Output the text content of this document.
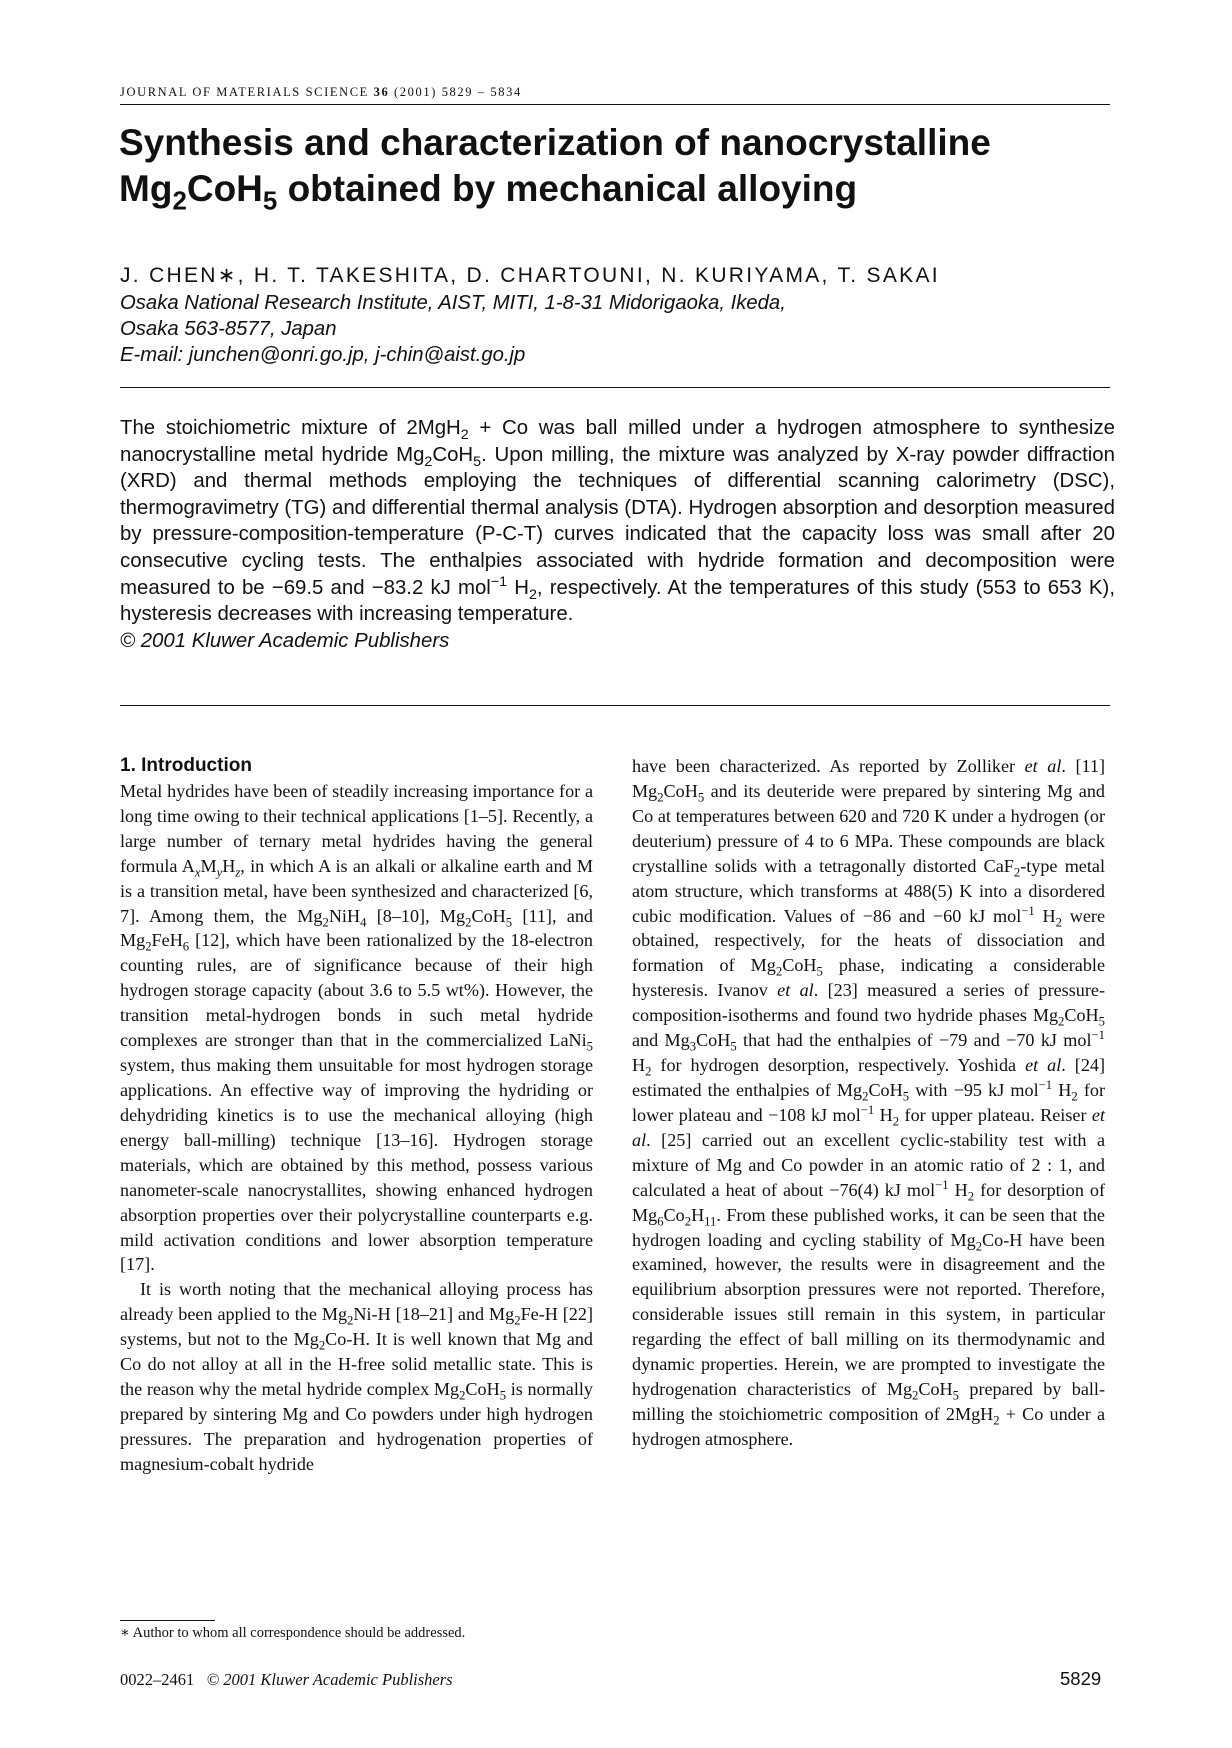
JOURNAL OF MATERIALS SCIENCE 36 (2001) 5829 – 5834
Synthesis and characterization of nanocrystalline
$Mg_2CoH_5$ obtained by mechanical alloying
J. CHEN∗, H. T. TAKESHITA, D. CHARTOUNI, N. KURIYAMA, T. SAKAI
Osaka National Research Institute, AIST, MITI, 1-8-31 Midorigaoka, Ikeda,
Osaka 563-8577, Japan
E-mail: junchen@onri.go.jp, j-chin@aist.go.jp
The stoichiometric mixture of 2MgH$_2$ + Co was ball milled under a hydrogen atmosphere to synthesize nanocrystalline metal hydride $Mg_2CoH_5$. Upon milling, the mixture was analyzed by X-ray powder diffraction (XRD) and thermal methods employing the techniques of differential scanning calorimetry (DSC), thermogravimetry (TG) and differential thermal analysis (DTA). Hydrogen absorption and desorption measured by pressure-composition-temperature (P-C-T) curves indicated that the capacity loss was small after 20 consecutive cycling tests. The enthalpies associated with hydride formation and decomposition were measured to be −69.5 and −83.2 kJ mol$^{-1}$ $H_2$, respectively. At the temperatures of this study (553 to 653 K), hysteresis decreases with increasing temperature.
© 2001 Kluwer Academic Publishers
1. Introduction

Metal hydrides have been of steadily increasing importance for a long time owing to their technical applications [1–5]. Recently, a large number of ternary metal hydrides having the general formula $A_xM_yH_z$, in which A is an alkali or alkaline earth and M is a transition metal, have been synthesized and characterized [6, 7]. Among them, the $Mg_2NiH_4$ [8–10], $Mg_2CoH_5$ [11], and $Mg_2FeH_6$ [12], which have been rationalized by the 18-electron counting rules, are of significance because of their high hydrogen storage capacity (about 3.6 to 5.5 wt%). However, the transition metal-hydrogen bonds in such metal hydride complexes are stronger than that in the commercialized LaNi$_5$ system, thus making them unsuitable for most hydrogen storage applications. An effective way of improving the hydriding or dehydriding kinetics is to use the mechanical alloying (high energy ball-milling) technique [13–16]. Hydrogen storage materials, which are obtained by this method, possess various nanometer-scale nanocrystallites, showing enhanced hydrogen absorption properties over their polycrystalline counterparts e.g. mild activation conditions and lower absorption temperature [17].

It is worth noting that the mechanical alloying process has already been applied to the $Mg_2Ni-H$ [18–21] and $Mg_2Fe-H$ [22] systems, but not to the $Mg_2Co-H$. It is well known that Mg and Co do not alloy at all in the H-free solid metallic state. This is the reason why the metal hydride complex $Mg_2CoH_5$ is normally prepared by sintering Mg and Co powders under high hydrogen pressures. The preparation and hydrogenation properties of magnesium-cobalt hydride

have been characterized. As reported by Zolliker et al. [11] $Mg_2CoH_5$ and its deuteride were prepared by sintering Mg and Co at temperatures between 620 and 720 K under a hydrogen (or deuterium) pressure of 4 to 6 MPa. These compounds are black crystalline solids with a tetragonally distorted CaF$_2$-type metal atom structure, which transforms at 488(5) K into a disordered cubic modification. Values of −86 and −60 kJ mol$^{-1}$ $H_2$ were obtained, respectively, for the heats of dissociation and formation of $Mg_2CoH_5$ phase, indicating a considerable hysteresis. Ivanov et al. [23] measured a series of pressure-composition-isotherms and found two hydride phases $Mg_2CoH_5$ and $Mg_3CoH_5$ that had the enthalpies of −79 and −70 kJ mol$^{-1}$ $H_2$ for hydrogen desorption, respectively. Yoshida et al. [24] estimated the enthalpies of $Mg_2CoH_5$ with −95 kJ mol$^{-1}$ $H_2$ for lower plateau and −108 kJ mol$^{-1}$ $H_2$ for upper plateau. Reiser et al. [25] carried out an excellent cyclic-stability test with a mixture of Mg and Co powder in an atomic ratio of 2 : 1, and calculated a heat of about −76(4) kJ mol$^{-1}$ $H_2$ for desorption of $Mg_6Co_2H_{11}$. From these published works, it can be seen that the hydrogen loading and cycling stability of $Mg_2Co-H$ have been examined, however, the results were in disagreement and the equilibrium absorption pressures were not reported. Therefore, considerable issues still remain in this system, in particular regarding the effect of ball milling on its thermodynamic and dynamic properties. Herein, we are prompted to investigate the hydrogenation characteristics of $Mg_2CoH_5$ prepared by ball-milling the stoichiometric composition of 2MgH$_2$ + Co under a hydrogen atmosphere.

∗ Author to whom all correspondence should be addressed.
0022–2461 © 2001 Kluwer Academic Publishers	5829
